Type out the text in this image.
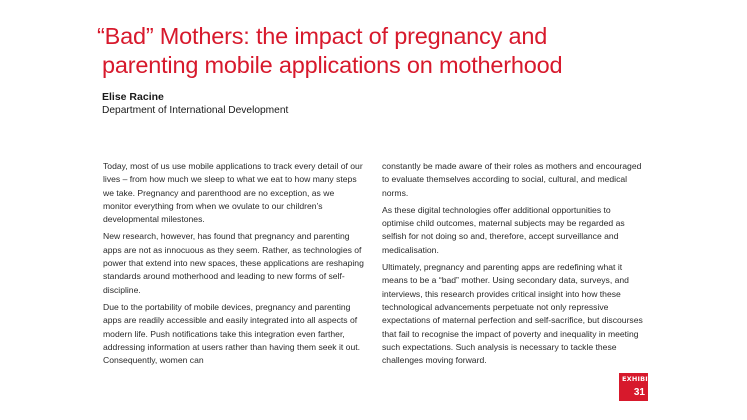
“Bad” Mothers: the impact of pregnancy and
parenting mobile applications on motherhood
Elise Racine
Department of International Development

Today, most of us use mobile applications to track every detail of our lives – from how much we sleep to what we eat to how many steps we take. Pregnancy and parenthood are no exception, as we monitor everything from when we ovulate to our children’s developmental milestones.

New research, however, has found that pregnancy and parenting apps are not as innocuous as they seem. Rather, as technologies of power that extend into new spaces, these applications are reshaping standards around motherhood and leading to new forms of self-discipline.

Due to the portability of mobile devices, pregnancy and parenting apps are readily accessible and easily integrated into all aspects of modern life. Push notifications take this integration even farther, addressing information at users rather than having them seek it out. Consequently, women can

constantly be made aware of their roles as mothers and encouraged to evaluate themselves according to social, cultural, and medical norms.

As these digital technologies offer additional opportunities to optimise child outcomes, maternal subjects may be regarded as selfish for not doing so and, therefore, accept surveillance and medicalisation.

Ultimately, pregnancy and parenting apps are redefining what it means to be a “bad” mother. Using secondary data, surveys, and interviews, this research provides critical insight into how these technological advancements perpetuate not only repressive expectations of maternal perfection and self-sacrifice, but discourses that fail to recognise the impact of poverty and inequality in meeting such expectations. Such analysis is necessary to tackle these challenges moving forward.

EXHIBIT
31
